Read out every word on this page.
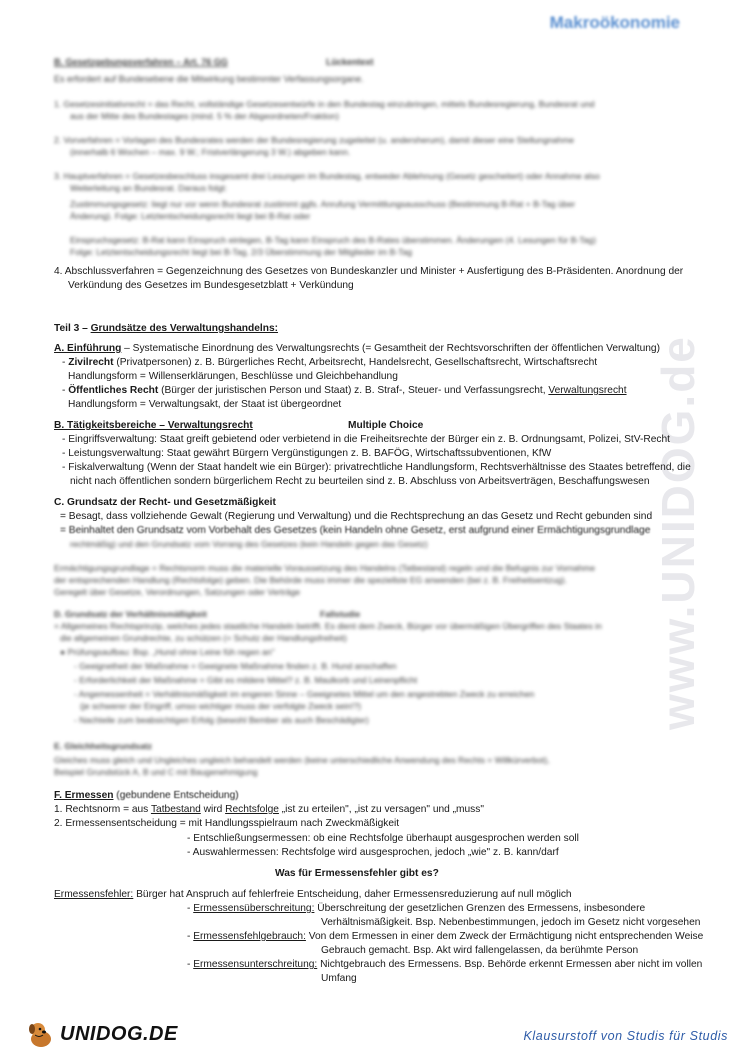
Makroökonomie
www.UNIDOG.de
B. Gesetzgebungsverfahren – Art. 76 GG	Lückentext
Es erfordert auf Bundesebene die Mitwirkung bestimmter Verfassungsorgane.
1. Gesetzesinitiativrecht = das Recht, vollständige Gesetzesentwürfe in den Bundestag einzubringen, mittels Bundesregierung, Bundesrat und
aus der Mitte des Bundestages (mind. 5 % der Abgeordneten/Fraktion)
2. Vorverfahren = Vorlagen des Bundesrates werden der Bundesregierung zugeleitet (u. andersherum), damit dieser eine Stellungnahme
(innerhalb 6 Wochen – max. 9 W.; Fristverlängerung 3 W.) abgeben kann.
3. Hauptverfahren = Gesetzesbeschluss insgesamt drei Lesungen im Bundestag, entweder Ablehnung (Gesetz gescheitert) oder Annahme also
Weiterleitung an Bundesrat. Daraus folgt:
Zustimmungsgesetz: liegt nur vor wenn Bundesrat zustimmt ggfs. Anrufung Vermittlungsausschuss (Bestimmung B-Rat + B-Tag über
Änderung). Folge: Letztentscheidungsrecht liegt bei B-Rat oder
Einspruchsgesetz: B-Rat kann Einspruch einlegen, B-Tag kann Einspruch des B-Rates überstimmen. Änderungen (4. Lesungen für B-Tag)
Folge: Letztentscheidungsrecht liegt bei B-Tag, 2/3 Überstimmung der Mitglieder im B-Tag
4. Abschlussverfahren = Gegenzeichnung des Gesetzes von Bundeskanzler und Minister + Ausfertigung des B-Präsidenten. Anordnung der
Verkündung des Gesetzes im Bundesgesetzblatt + Verkündung
Teil 3 – Grundsätze des Verwaltungshandelns:
A. Einführung – Systematische Einordnung des Verwaltungsrechts (= Gesamtheit der Rechtsvorschriften der öffentlichen Verwaltung)
- Zivilrecht (Privatpersonen) z. B. Bürgerliches Recht, Arbeitsrecht, Handelsrecht, Gesellschaftsrecht, Wirtschaftsrecht
Handlungsform = Willenserklärungen, Beschlüsse und Gleichbehandlung
- Öffentliches Recht (Bürger der juristischen Person und Staat) z. B. Straf-, Steuer- und Verfassungsrecht, Verwaltungsrecht
Handlungsform = Verwaltungsakt, der Staat ist übergeordnet
B. Tätigkeitsbereiche – Verwaltungsrecht	Multiple Choice
- Eingriffsverwaltung: Staat greift gebietend oder verbietend in die Freiheitsrechte der Bürger ein z. B. Ordnungsamt, Polizei, StV-Recht
- Leistungsverwaltung: Staat gewährt Bürgern Vergünstigungen z. B. BAFÖG, Wirtschaftssubventionen, KfW
- Fiskalverwaltung (Wenn der Staat handelt wie ein Bürger): privatrechtliche Handlungsform, Rechtsverhältnisse des Staates betreffend, die
nicht nach öffentlichen sondern bürgerlichem Recht zu beurteilen sind z. B. Abschluss von Arbeitsverträgen, Beschaffungswesen
C. Grundsatz der Recht- und Gesetzmäßigkeit
= Besagt, dass vollziehende Gewalt (Regierung und Verwaltung) und die Rechtsprechung an das Gesetz und Recht gebunden sind
= Beinhaltet den Grundsatz vom Vorbehalt des Gesetzes (kein Handeln ohne Gesetz, erst aufgrund einer Ermächtigungsgrundlage
rechtmäßig) und den Grundsatz vom Vorrang des Gesetzes (kein Handeln gegen das Gesetz)
Ermächtigungsgrundlage = Rechtsnorm muss die materielle Voraussetzung des Handelns (Tatbestand) regeln und die Befugnis zur Vornahme
der entsprechenden Handlung (Rechtsfolge) geben. Die Behörde muss immer die speziellste EG anwenden (bei z. B. Freiheitsentzug).
Geregelt über Gesetze, Verordnungen, Satzungen oder Verträge
D. Grundsatz der Verhältnismäßigkeit	Fallstudie
= Allgemeines Rechtsprinzip, welches jedes staatliche Handeln betrifft. Es dient dem Zweck, Bürger vor übermäßigen Übergriffen des Staates in
die allgemeinen Grundrechte, zu schützen (= Schutz der Handlungsfreiheit)
● Prüfungsaufbau: Bsp. „Hund ohne Leine füh regen an"
- Geeignetheit der Maßnahme = Geeignete Maßnahme finden z. B. Hund anschaffen
- Erforderlichkeit der Maßnahme = Gibt es mildere Mittel? z. B. Maulkorb und Leinenpflicht
- Angemessenheit = Verhältnismäßigkeit im engeren Sinne – Geeignetes Mittel um den angestrebten Zweck zu erreichen
(je schwerer der Eingriff, umso wichtiger muss der verfolgte Zweck sein!?)
- Nachteile zum beabsichtigen Erfolg (bewohl Bember als auch Beschädigter)
E. Gleichheitsgrundsatz
Gleiches muss gleich und Ungleiches ungleich behandelt werden (keine unterschiedliche Anwendung des Rechts = Willkürverbot),
Beispiel Grundstück A, B und C mit Baugenehmigung
F. Ermessen (gebundene Entscheidung)
1. Rechtsnorm = aus Tatbestand wird Rechtsfolge „ist zu erteilen", „ist zu versagen" und „muss"
2. Ermessensentscheidung = mit Handlungsspielraum nach Zweckmäßigkeit
- Entschließungsermessen: ob eine Rechtsfolge überhaupt ausgesprochen werden soll
- Auswahlermessen: Rechtsfolge wird ausgesprochen, jedoch „wie" z. B. kann/darf
Was für Ermessensfehler gibt es?
Ermessensfehler: Bürger hat Anspruch auf fehlerfreie Entscheidung, daher Ermessensreduzierung auf null möglich
- Ermessensüberschreitung: Überschreitung der gesetzlichen Grenzen des Ermessens, insbesondere
Verhältnismäßigkeit. Bsp. Nebenbestimmungen, jedoch im Gesetz nicht vorgesehen
- Ermessensfehlgebrauch: Von dem Ermessen in einer dem Zweck der Ermächtigung nicht entsprechenden Weise
Gebrauch gemacht. Bsp. Akt wird fallengelassen, da berühmte Person
- Ermessensunterschreitung: Nichtgebrauch des Ermessens. Bsp. Behörde erkennt Ermessen aber nicht im vollen
Umfang
UNIDOG.DE	Klausurstoff von Studis für Studis
